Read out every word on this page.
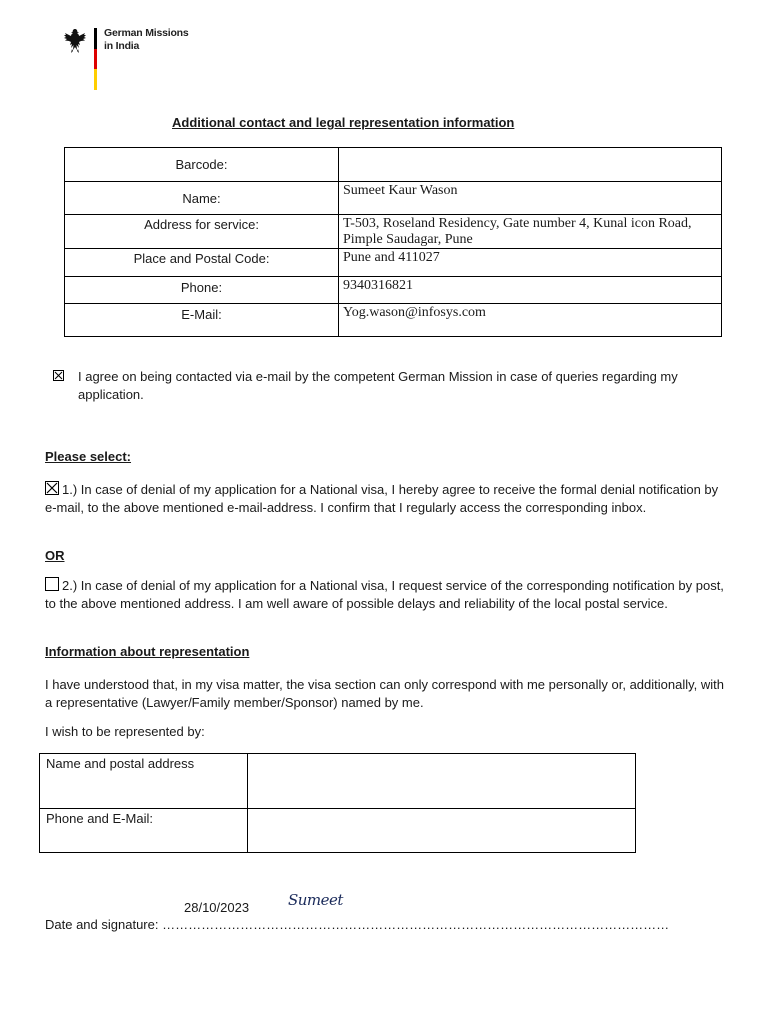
German Missions
in India
Additional contact and legal representation information
Barcode:	
Name:	Sumeet Kaur Wason
Address for service:	T-503, Roseland Residency, Gate number 4, Kunal icon Road, Pimple Saudagar, Pune
Place and Postal Code:	Pune and 411027
Phone:	9340316821
E-Mail:	Yog.wason@infosys.com
I agree on being contacted via e-mail by the competent German Mission in case of queries regarding my application.
Please select:
1.) In case of denial of my application for a National visa, I hereby agree to receive the formal denial notification by e-mail, to the above mentioned e-mail-address. I confirm that I regularly access the corresponding inbox.
OR
2.) In case of denial of my application for a National visa, I request service of the corresponding notification by post, to the above mentioned address. I am well aware of possible delays and reliability of the local postal service.
Information about representation
I have understood that, in my visa matter, the visa section can only correspond with me personally or, additionally, with a representative (Lawyer/Family member/Sponsor) named by me.
I wish to be represented by:
Name and postal address	
Phone and E-Mail:	
28/10/2023	Sumeet
Date and signature: ………………………………………………………………………………………………………
